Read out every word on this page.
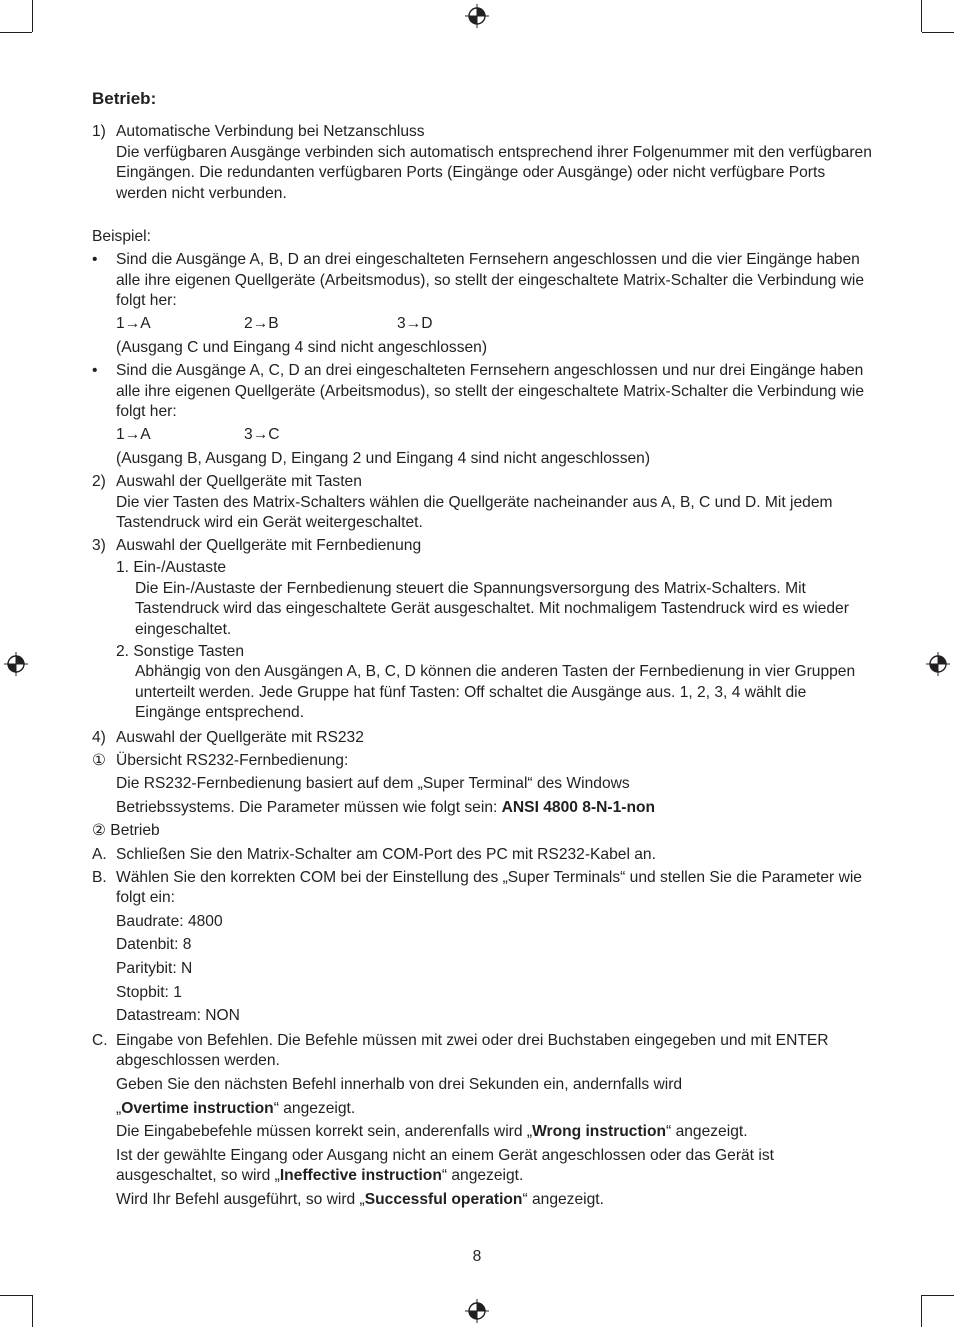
Betrieb:
1) Automatische Verbindung bei Netzanschluss
Die verfügbaren Ausgänge verbinden sich automatisch entsprechend ihrer Folgenummer mit den verfügbaren Eingängen. Die redundanten verfügbaren Ports (Eingänge oder Ausgänge) oder nicht verfügbare Ports werden nicht verbunden.
Beispiel:
•	Sind die Ausgänge A, B, D an drei eingeschalteten Fernsehern angeschlossen und die vier Eingänge haben alle ihre eigenen Quellgeräte (Arbeitsmodus), so stellt der eingeschaltete Matrix-Schalter die Verbindung wie folgt her:
1→A	2→B	3→D
(Ausgang C und Eingang 4 sind nicht angeschlossen)
•	Sind die Ausgänge A, C, D an drei eingeschalteten Fernsehern angeschlossen und nur drei Eingänge haben alle ihre eigenen Quellgeräte (Arbeitsmodus), so stellt der eingeschaltete Matrix-Schalter die Verbindung wie folgt her:
1→A	3→C
(Ausgang B, Ausgang D, Eingang 2 und Eingang 4 sind nicht angeschlossen)
2) Auswahl der Quellgeräte mit Tasten
Die vier Tasten des Matrix-Schalters wählen die Quellgeräte nacheinander aus A, B, C und D. Mit jedem Tastendruck wird ein Gerät weitergeschaltet.
3) Auswahl der Quellgeräte mit Fernbedienung
1. Ein-/Austaste
Die Ein-/Austaste der Fernbedienung steuert die Spannungsversorgung des Matrix-Schalters. Mit Tastendruck wird das eingeschaltete Gerät ausgeschaltet. Mit nochmaligem Tastendruck wird es wieder eingeschaltet.
2. Sonstige Tasten
Abhängig von den Ausgängen A, B, C, D können die anderen Tasten der Fernbedienung in vier Gruppen unterteilt werden. Jede Gruppe hat fünf Tasten: Off schaltet die Ausgänge aus. 1, 2, 3, 4 wählt die Eingänge entsprechend.
4) Auswahl der Quellgeräte mit RS232
① Übersicht RS232-Fernbedienung:
Die RS232-Fernbedienung basiert auf dem „Super Terminal“ des Windows
Betriebssystems. Die Parameter müssen wie folgt sein: ANSI 4800 8-N-1-non
② Betrieb
A. Schließen Sie den Matrix-Schalter am COM-Port des PC mit RS232-Kabel an.
B. Wählen Sie den korrekten COM bei der Einstellung des „Super Terminals“ und stellen Sie die Parameter wie folgt ein:
Baudrate: 4800
Datenbit: 8
Paritybit: N
Stopbit: 1
Datastream: NON
C. Eingabe von Befehlen. Die Befehle müssen mit zwei oder drei Buchstaben eingegeben und mit ENTER abgeschlossen werden.
Geben Sie den nächsten Befehl innerhalb von drei Sekunden ein, andernfalls wird
„Overtime instruction“ angezeigt.
Die Eingabebefehle müssen korrekt sein, anderenfalls wird „Wrong instruction“ angezeigt.
Ist der gewählte Eingang oder Ausgang nicht an einem Gerät angeschlossen oder das Gerät ist ausgeschaltet, so wird „Ineffective instruction“ angezeigt.
Wird Ihr Befehl ausgeführt, so wird „Successful operation“ angezeigt.
8
